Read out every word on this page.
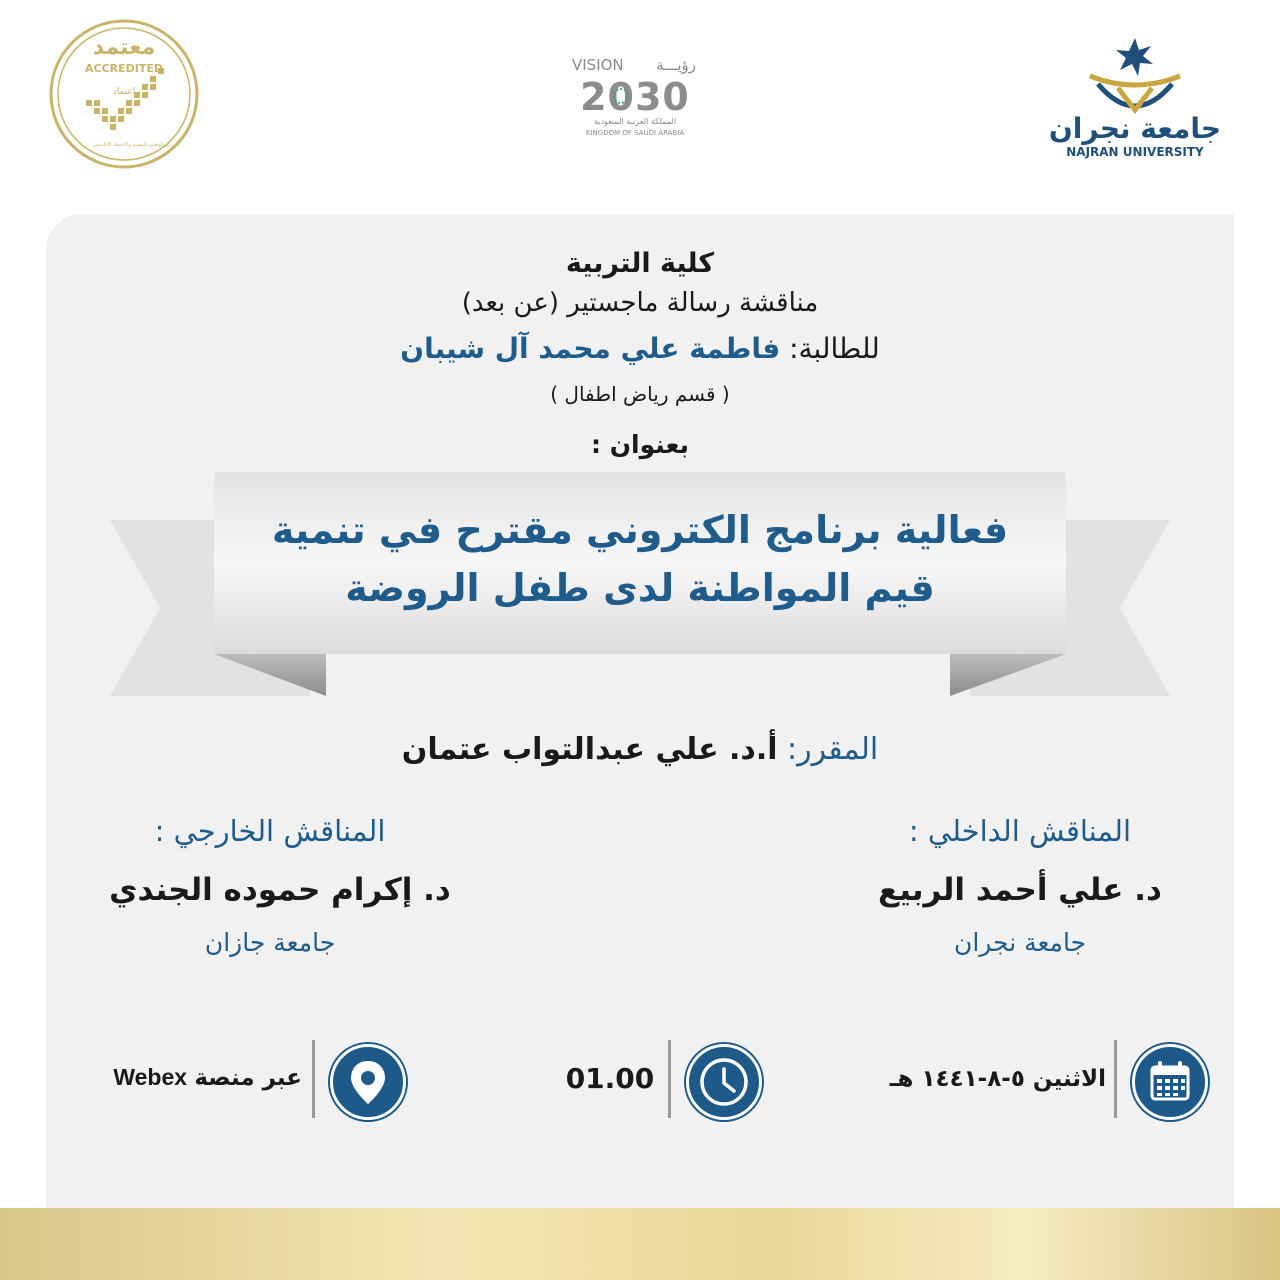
معتمد
ACCREDITED
اعتماد
المركز الوطني للتقويم والاعتماد الأكاديمي
VISION رؤيـــة
2030
المملكة العربية السعودية
KINGDOM OF SAUDI ARABIA	جامعة نجران
NAJRAN UNIVERSITY
كلية التربية
مناقشة رسالة ماجستير (عن بعد)
للطالبة: فاطمة علي محمد آل شيبان
( قسم رياض اطفال )
بعنوان :
فعالية برنامج الكتروني مقترح في تنمية
قيم المواطنة لدى طفل الروضة
المقرر: أ.د. علي عبدالتواب عتمان
المناقش الداخلي :
د. علي أحمد الربيع
جامعة نجران
المناقش الخارجي :
د. إكرام حموده الجندي
جامعة جازان
الاثنين ٥-٨-١٤٤١ هـ
01.00
عبر منصة Webex
